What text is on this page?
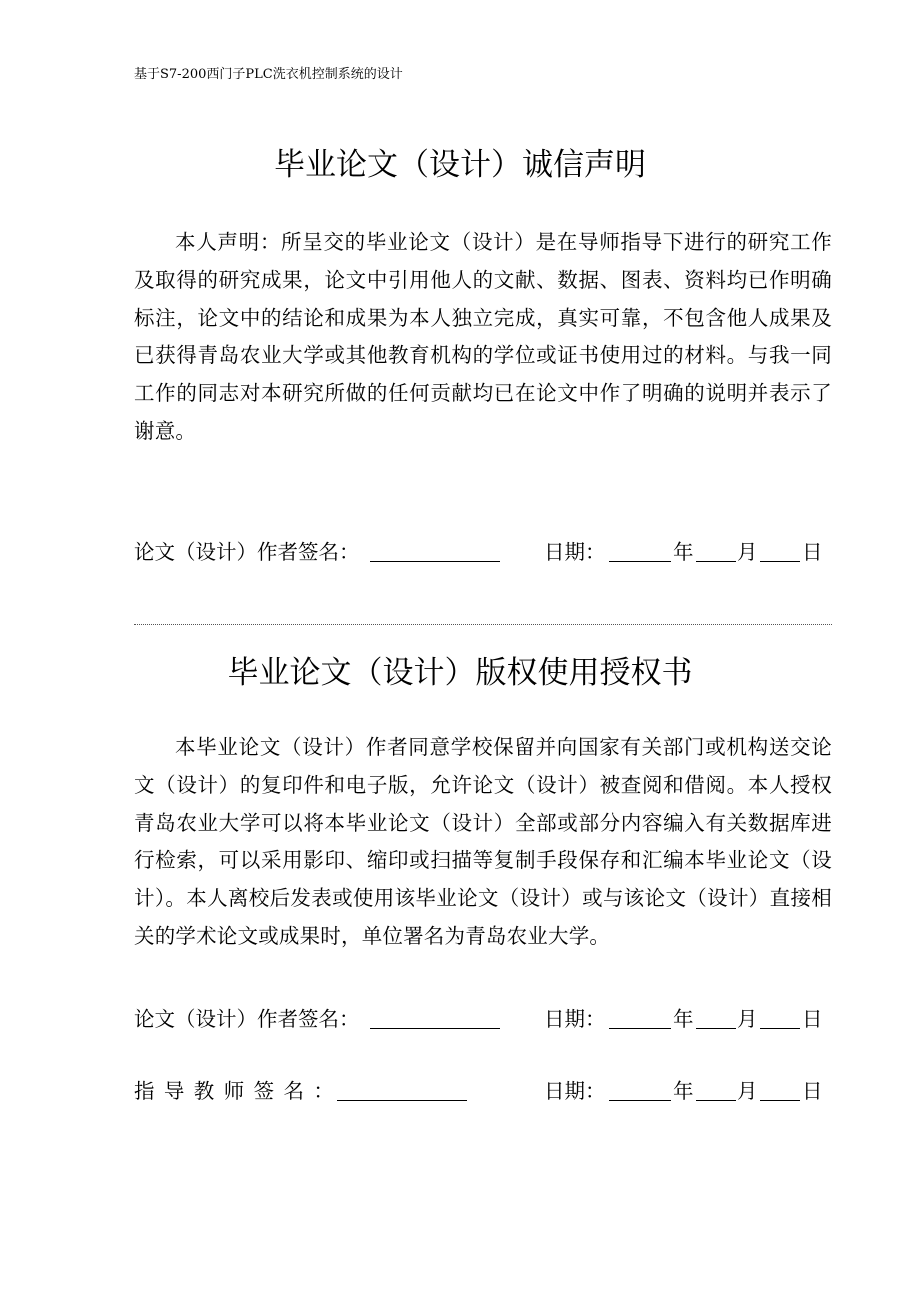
基于S7-200西门子PLC洗衣机控制系统的设计
毕业论文（设计）诚信声明

本人声明：所呈交的毕业论文（设计）是在导师指导下进行的研究工作及取得的研究成果，论文中引用他人的文献、数据、图表、资料均已作明确标注，论文中的结论和成果为本人独立完成，真实可靠，不包含他人成果及已获得青岛农业大学或其他教育机构的学位或证书使用过的材料。与我一同工作的同志对本研究所做的任何贡献均已在论文中作了明确的说明并表示了谢意。

论文（设计）作者签名：	日期：	年 月 日
毕业论文（设计）版权使用授权书

本毕业论文（设计）作者同意学校保留并向国家有关部门或机构送交论文（设计）的复印件和电子版，允许论文（设计）被查阅和借阅。本人授权青岛农业大学可以将本毕业论文（设计）全部或部分内容编入有关数据库进行检索，可以采用影印、缩印或扫描等复制手段保存和汇编本毕业论文（设计）。本人离校后发表或使用该毕业论文（设计）或与该论文（设计）直接相关的学术论文或成果时，单位署名为青岛农业大学。

论文（设计）作者签名：	日期：	年 月 日
指导教师签名：	日期：	年 月 日
